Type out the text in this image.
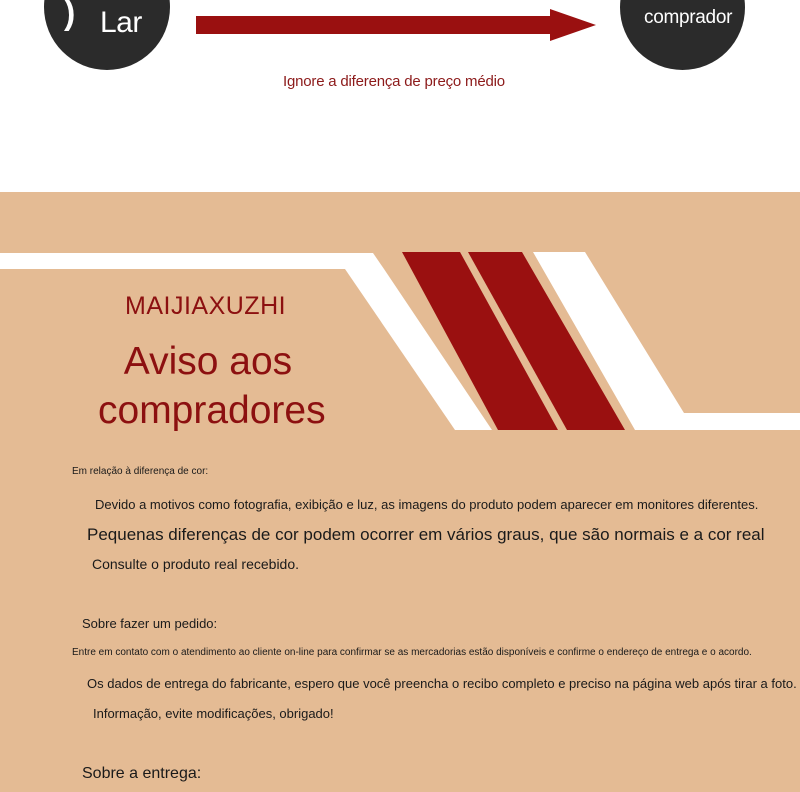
) Lar	comprador
Ignore a diferença de preço médio
MAIJIAXUZHI
Aviso aos compradores
Em relação à diferença de cor:
Devido a motivos como fotografia, exibição e luz, as imagens do produto podem aparecer em monitores diferentes.
Pequenas diferenças de cor podem ocorrer em vários graus, que são normais e a cor real
Consulte o produto real recebido.
Sobre fazer um pedido:
Entre em contato com o atendimento ao cliente on-line para confirmar se as mercadorias estão disponíveis e confirme o endereço de entrega e o acordo.
Os dados de entrega do fabricante, espero que você preencha o recibo completo e preciso na página web após tirar a foto.
Informação, evite modificações, obrigado!
Sobre a entrega:
